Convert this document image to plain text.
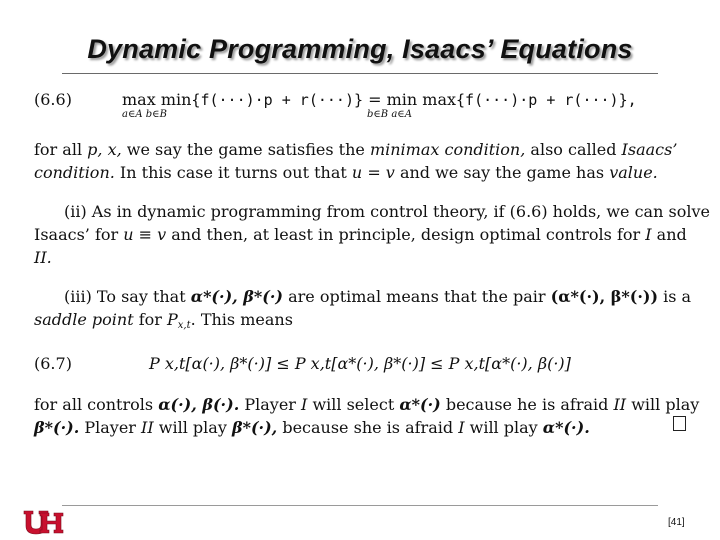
Dynamic Programming, Isaacs’ Equations
(6.6)	max min{f(···)·p + r(···)} = min max{f(···)·p + r(···)},
a∈A b∈B	b∈B a∈A
for all p, x, we say the game satisfies the minimax condition, also called Isaacs’
condition. In this case it turns out that u = v and we say the game has value.
(ii) As in dynamic programming from control theory, if (6.6) holds, we can solve
Isaacs’ for u ≡ v and then, at least in principle, design optimal controls for I and
II.
(iii) To say that α*(·), β*(·) are optimal means that the pair (α*(·), β*(·)) is a
saddle point for $P_{x,t}$. This means
(6.7)	P x,t[α(·), β*(·)] ≤ P x,t[α*(·), β*(·)] ≤ P x,t[α*(·), β(·)]
for all controls α(·), β(·). Player I will select α*(·) because he is afraid II will play
β*(·). Player II will play β*(·), because she is afraid I will play α*(·).
[41]
